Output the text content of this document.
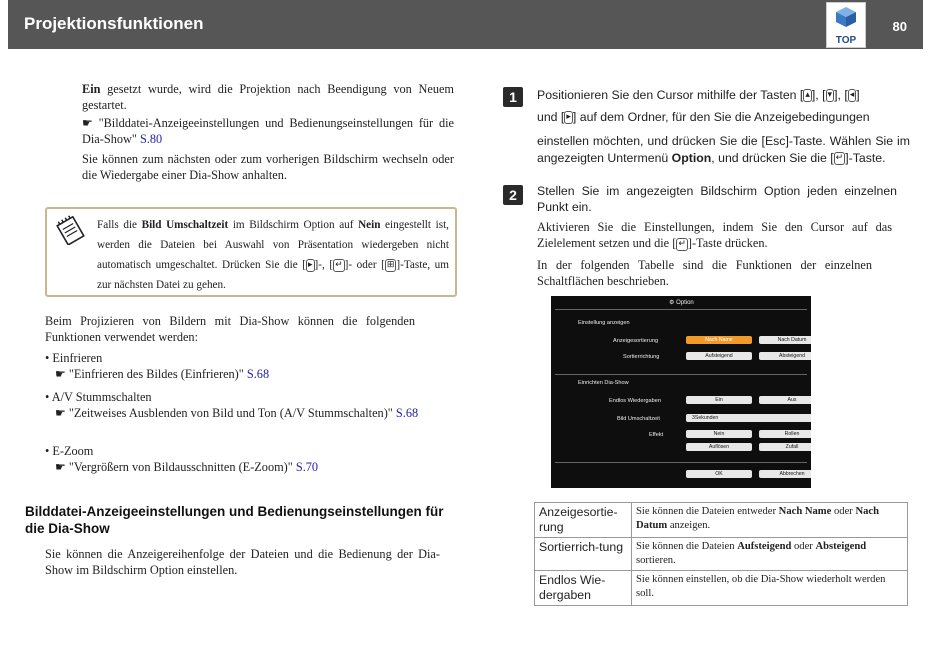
Projektionsfunktionen
TOP
80
Ein gesetzt wurde, wird die Projektion nach Beendigung von Neuem gestartet.
☛ "Bilddatei-Anzeigeeinstellungen und Bedienungseinstellungen für die Dia-Show" S.80
Sie können zum nächsten oder zum vorherigen Bildschirm wechseln oder die Wiedergabe einer Dia-Show anhalten.
Falls die Bild Umschaltzeit im Bildschirm Option auf Nein eingestellt ist, werden die Dateien bei Auswahl von Präsentation wiedergeben nicht automatisch umgeschaltet. Drücken Sie die [ ▸ ]-, [ ↵ ]- oder [ ⊞ ]-Taste, um zur nächsten Datei zu gehen.
Beim Projizieren von Bildern mit Dia-Show können die folgenden Funktionen verwendet werden:
• Einfrieren
☛ "Einfrieren des Bildes (Einfrieren)" S.68
• A/V Stummschalten
☛ "Zeitweises Ausblenden von Bild und Ton (A/V Stummschalten)" S.68
• E-Zoom
☛ "Vergrößern von Bildausschnitten (E-Zoom)" S.70
Bilddatei-Anzeigeeinstellungen und Bedienungseinstellungen für die Dia-Show
Sie können die Anzeigereihenfolge der Dateien und die Bedienung der Dia-Show im Bildschirm Option einstellen.
1	Positionieren Sie den Cursor mithilfe der Tasten [ ▴ ], [ ▾ ], [ ◂ ]
und [ ▸ ] auf dem Ordner, für den Sie die Anzeigebedingungen
einstellen möchten, und drücken Sie die [Esc]-Taste. Wählen Sie im angezeigten Untermenü Option, und drücken Sie die [ ↵ ]-Taste.
2	Stellen Sie im angezeigten Bildschirm Option jeden einzelnen Punkt ein.
Aktivieren Sie die Einstellungen, indem Sie den Cursor auf das Zielelement setzen und die [ ↵ ]-Taste drücken.
In der folgenden Tabelle sind die Funktionen der einzelnen Schaltflächen beschrieben.
⚙ Option
Einstellung anzeigen
Anzeigesortierung	Nach Name	Nach Datum
Sortierrichtung	Aufsteigend	Absteigend
Einrichten Dia-Show
Endlos Wiedergaben	Ein	Aus
Bild Umschaltzeit	3Sekunden
Effekt	Nein	Rollen
Auflösen	Zufall
OK	Abbrechen
Anzeigesortie-rung	Sie können die Dateien entweder Nach Name oder Nach Datum anzeigen.
Sortierrich-tung	Sie können die Dateien Aufsteigend oder Absteigend sortieren.
Endlos Wie-dergaben	Sie können einstellen, ob die Dia-Show wiederholt werden soll.
